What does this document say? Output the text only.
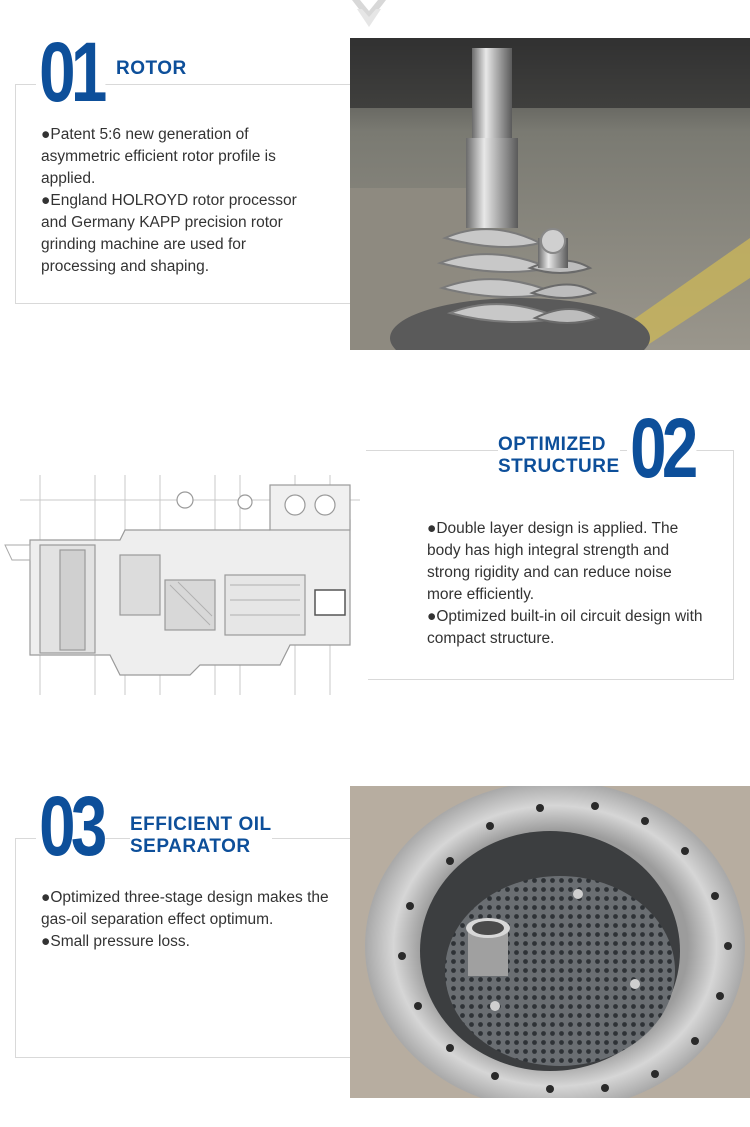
01 ROTOR

●Patent 5:6 new generation of asymmetric efficient rotor profile is applied.

●England HOLROYD rotor processor and Germany KAPP precision rotor grinding machine are used for processing and shaping.

OPTIMIZED
STRUCTURE 02

●Double layer design is applied. The body has high integral strength and strong rigidity and can reduce noise more efficiently.

●Optimized built-in oil circuit design with compact structure.

03 EFFICIENT OIL
SEPARATOR

●Optimized three-stage design makes the gas-oil separation effect optimum.

●Small pressure loss.
